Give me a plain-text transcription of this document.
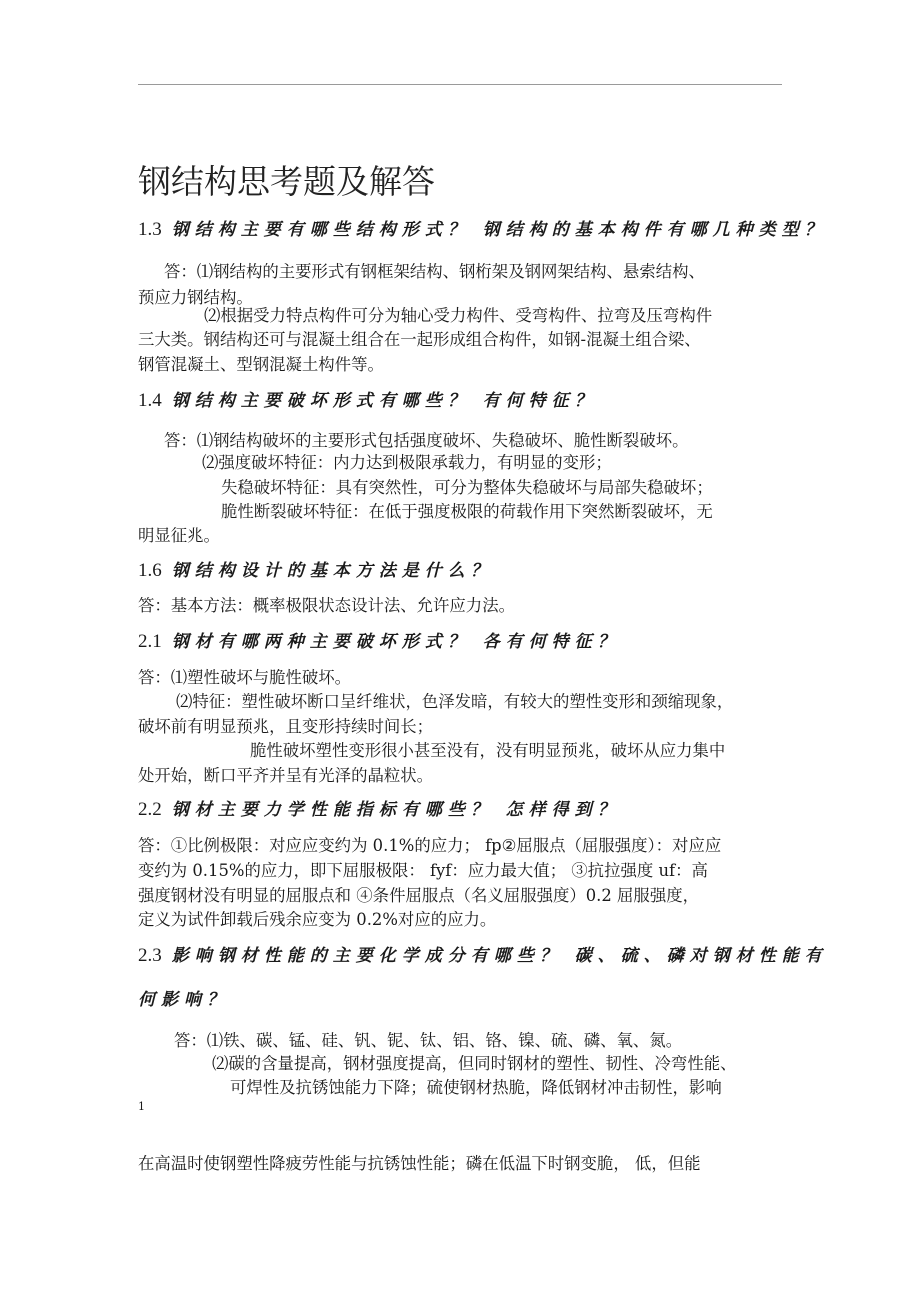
钢结构思考题及解答
1.3 钢结构主要有哪些结构形式？ 钢结构的基本构件有哪几种类型？
答：⑴钢结构的主要形式有钢框架结构、钢桁架及钢网架结构、悬索结构、
预应力钢结构。
⑵根据受力特点构件可分为轴心受力构件、受弯构件、拉弯及压弯构件
三大类。钢结构还可与混凝土组合在一起形成组合构件，如钢-混凝土组合梁、
钢管混凝土、型钢混凝土构件等。
1.4 钢结构主要破坏形式有哪些？ 有何特征？
答：⑴钢结构破坏的主要形式包括强度破坏、失稳破坏、脆性断裂破坏。
⑵强度破坏特征：内力达到极限承载力，有明显的变形；
失稳破坏特征：具有突然性，可分为整体失稳破坏与局部失稳破坏；
脆性断裂破坏特征：在低于强度极限的荷载作用下突然断裂破坏，无
明显征兆。
1.6 钢结构设计的基本方法是什么？
答：基本方法：概率极限状态设计法、允许应力法。
2.1 钢材有哪两种主要破坏形式？ 各有何特征？
答：⑴塑性破坏与脆性破坏。
⑵特征：塑性破坏断口呈纤维状，色泽发暗，有较大的塑性变形和颈缩现象，
破坏前有明显预兆，且变形持续时间长；
脆性破坏塑性变形很小甚至没有，没有明显预兆，破坏从应力集中
处开始，断口平齐并呈有光泽的晶粒状。
2.2 钢材主要力学性能指标有哪些？ 怎样得到？
答：①比例极限：对应应变约为 0.1%的应力； fp②屈服点（屈服强度）：对应应
变约为 0.15%的应力，即下屈服极限： fyf：应力最大值； ③抗拉强度 uf：高
强度钢材没有明显的屈服点和 ④条件屈服点（名义屈服强度）0.2 屈服强度，
定义为试件卸载后残余应变为 0.2%对应的应力。
2.3 影响钢材性能的主要化学成分有哪些？ 碳、硫、磷对钢材性能有
何影响？
答：⑴铁、碳、锰、硅、钒、铌、钛、铝、铬、镍、硫、磷、氧、氮。
⑵碳的含量提高，钢材强度提高，但同时钢材的塑性、韧性、冷弯性能、
可焊性及抗锈蚀能力下降；硫使钢材热脆，降低钢材冲击韧性，影响
1
在高温时使钢塑性降疲劳性能与抗锈蚀性能；磷在低温下时钢变脆， 低，但能
